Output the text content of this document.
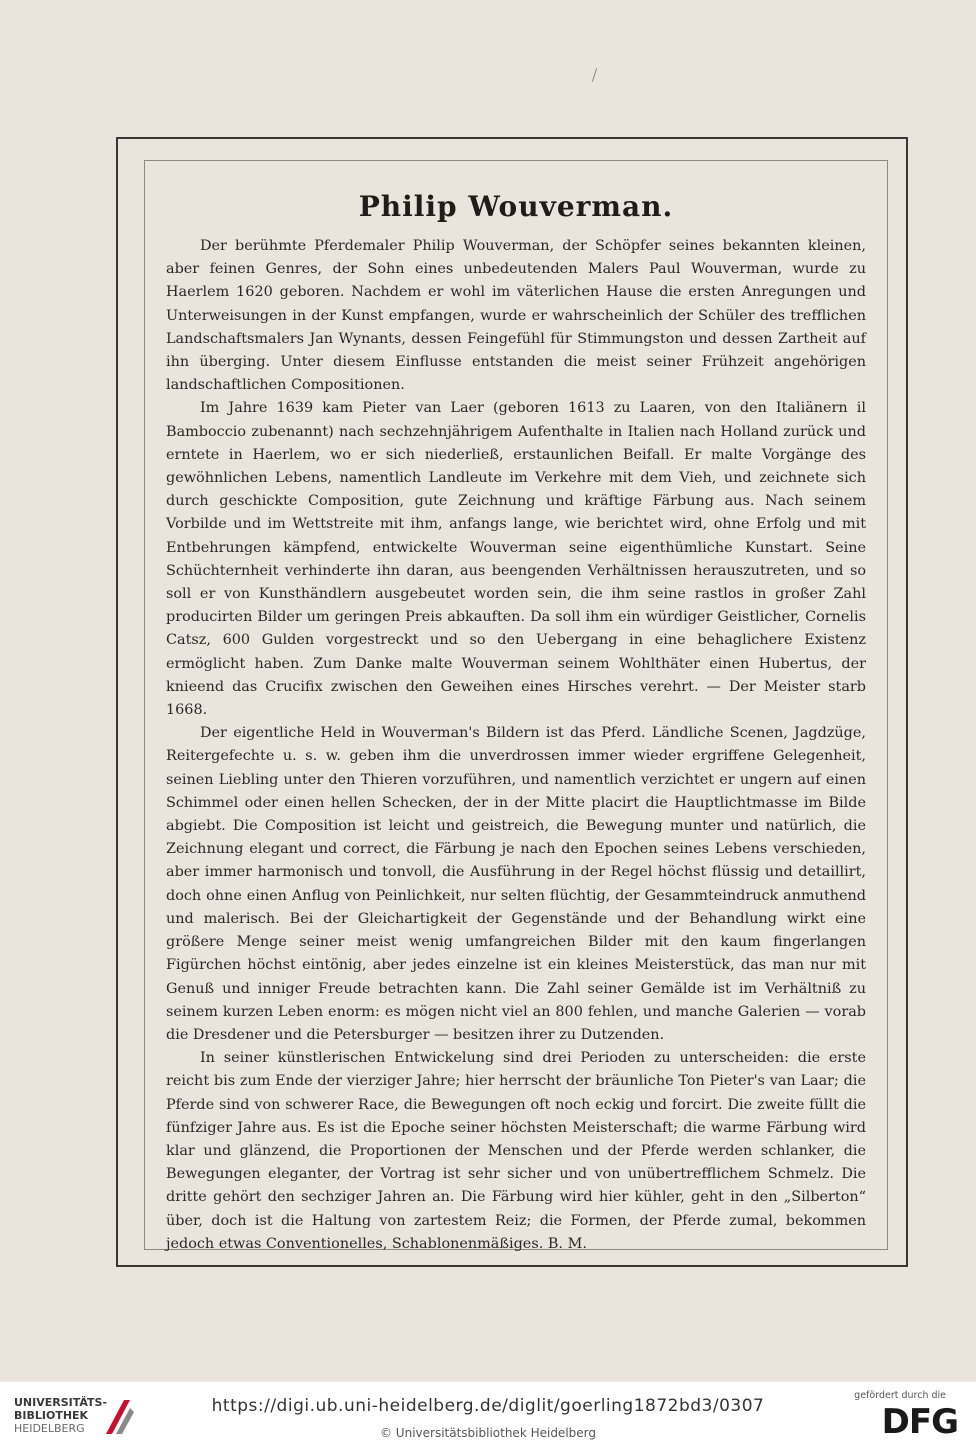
Philip Wouverman.

Der berühmte Pferdemaler Philip Wouverman, der Schöpfer seines bekannten kleinen, aber feinen Genres, der Sohn eines unbedeutenden Malers Paul Wouverman, wurde zu Haerlem 1620 geboren. Nachdem er wohl im väterlichen Hause die ersten Anregungen und Unterweisungen in der Kunst empfangen, wurde er wahrscheinlich der Schüler des trefflichen Landschaftsmalers Jan Wynants, dessen Feingefühl für Stimmungston und dessen Zartheit auf ihn überging. Unter diesem Einflusse entstanden die meist seiner Frühzeit angehörigen landschaftlichen Compositionen.

Im Jahre 1639 kam Pieter van Laer (geboren 1613 zu Laaren, von den Italiänern il Bamboccio zubenannt) nach sechzehnjährigem Aufenthalte in Italien nach Holland zurück und erntete in Haerlem, wo er sich niederließ, erstaunlichen Beifall. Er malte Vorgänge des gewöhnlichen Lebens, namentlich Landleute im Verkehre mit dem Vieh, und zeichnete sich durch geschickte Composition, gute Zeichnung und kräftige Färbung aus. Nach seinem Vorbilde und im Wettstreite mit ihm, anfangs lange, wie berichtet wird, ohne Erfolg und mit Entbehrungen kämpfend, entwickelte Wouverman seine eigenthümliche Kunstart. Seine Schüchternheit verhinderte ihn daran, aus beengenden Verhältnissen herauszutreten, und so soll er von Kunsthändlern ausgebeutet worden sein, die ihm seine rastlos in großer Zahl producirten Bilder um geringen Preis abkauften. Da soll ihm ein würdiger Geistlicher, Cornelis Catsz, 600 Gulden vorgestreckt und so den Uebergang in eine behaglichere Existenz ermöglicht haben. Zum Danke malte Wouverman seinem Wohlthäter einen Hubertus, der knieend das Crucifix zwischen den Geweihen eines Hirsches verehrt. — Der Meister starb 1668.

Der eigentliche Held in Wouverman's Bildern ist das Pferd. Ländliche Scenen, Jagdzüge, Reitergefechte u. s. w. geben ihm die unverdrossen immer wieder ergriffene Gelegenheit, seinen Liebling unter den Thieren vorzuführen, und namentlich verzichtet er ungern auf einen Schimmel oder einen hellen Schecken, der in der Mitte placirt die Hauptlichtmasse im Bilde abgiebt. Die Composition ist leicht und geistreich, die Bewegung munter und natürlich, die Zeichnung elegant und correct, die Färbung je nach den Epochen seines Lebens verschieden, aber immer harmonisch und tonvoll, die Ausführung in der Regel höchst flüssig und detaillirt, doch ohne einen Anflug von Peinlichkeit, nur selten flüchtig, der Gesammteindruck anmuthend und malerisch. Bei der Gleichartigkeit der Gegenstände und der Behandlung wirkt eine größere Menge seiner meist wenig umfangreichen Bilder mit den kaum fingerlangen Figürchen höchst eintönig, aber jedes einzelne ist ein kleines Meisterstück, das man nur mit Genuß und inniger Freude betrachten kann. Die Zahl seiner Gemälde ist im Verhältniß zu seinem kurzen Leben enorm: es mögen nicht viel an 800 fehlen, und manche Galerien — vorab die Dresdener und die Petersburger — besitzen ihrer zu Dutzenden.

In seiner künstlerischen Entwickelung sind drei Perioden zu unterscheiden: die erste reicht bis zum Ende der vierziger Jahre; hier herrscht der bräunliche Ton Pieter's van Laar; die Pferde sind von schwerer Race, die Bewegungen oft noch eckig und forcirt. Die zweite füllt die fünfziger Jahre aus. Es ist die Epoche seiner höchsten Meisterschaft; die warme Färbung wird klar und glänzend, die Proportionen der Menschen und der Pferde werden schlanker, die Bewegungen eleganter, der Vortrag ist sehr sicher und von unübertrefflichem Schmelz. Die dritte gehört den sechziger Jahren an. Die Färbung wird hier kühler, geht in den „Silberton“ über, doch ist die Haltung von zartestem Reiz; die Formen, der Pferde zumal, bekommen jedoch etwas Conventionelles, Schablonenmäßiges. B. M.

UNIVERSITÄTS-
BIBLIOTHEK
HEIDELBERG
https://digi.ub.uni-heidelberg.de/diglit/goerling1872bd3/0307
© Universitätsbibliothek Heidelberg
gefördert durch die
DFG
